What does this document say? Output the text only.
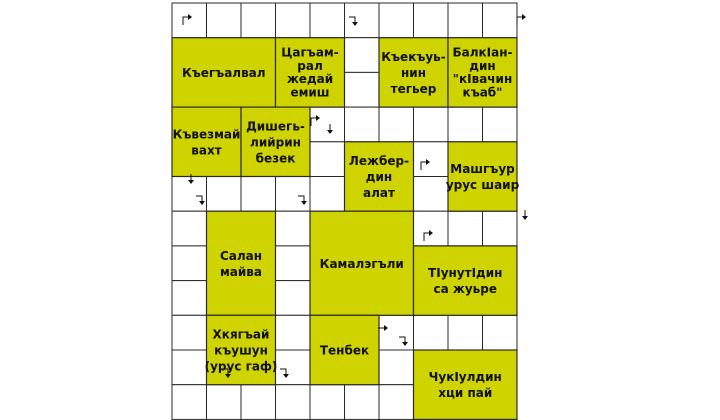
Къегъалвал
Цагъам-
рал
жедай
емиш
Къекъуь-
нин
тегьер
БалкIан-
дин
"кIвачин
къаб"
Къвезмай
вахт
Дишегь-
лийрин
безек	Лежбер-
дин
алат
Машгъур
урус шаир
Салан
майва
Камалэгъли
ТIунутIдин
са жуьре
Хкягъай
къушун
(урус гаф)
Тенбек
ЧукIулдин
хци пай
